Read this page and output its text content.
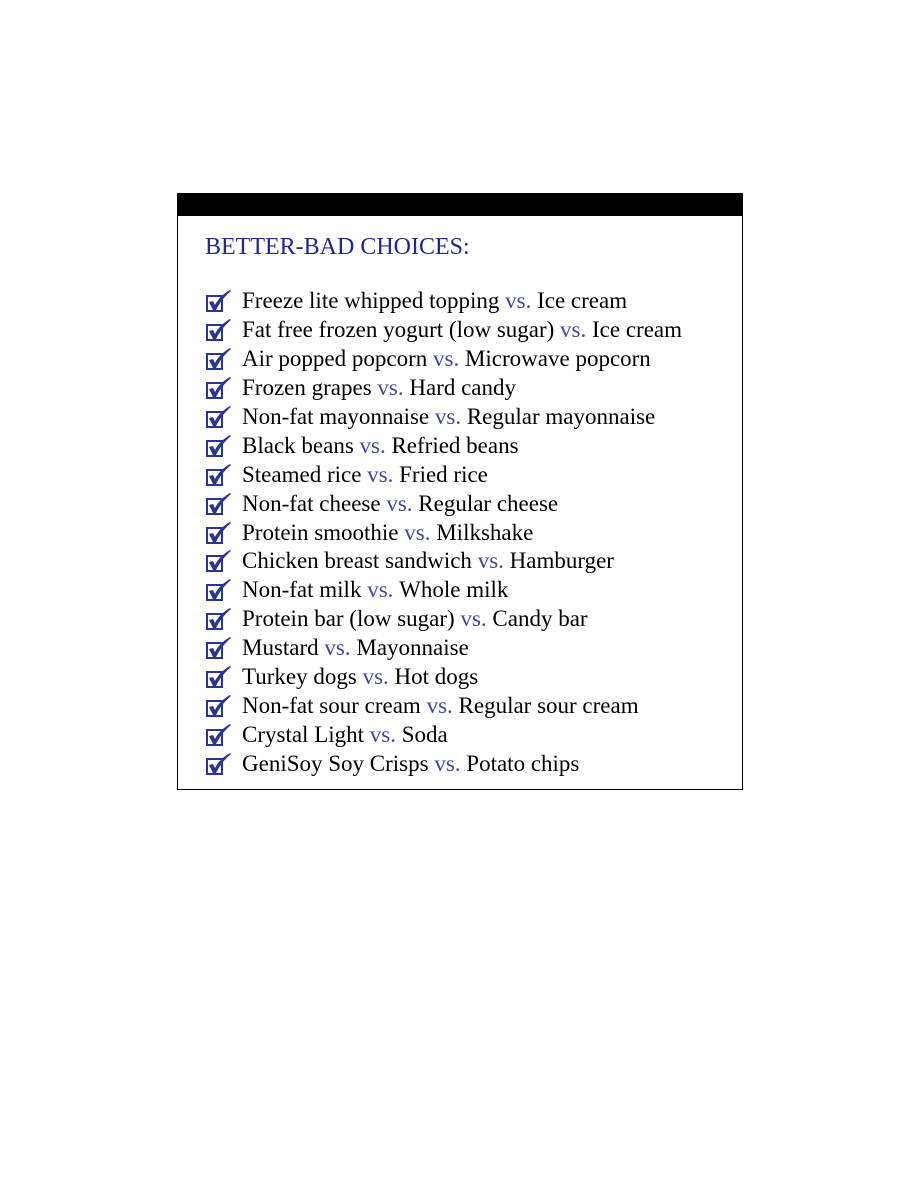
BETTER-BAD CHOICES:
Freeze lite whipped topping
vs.
Ice cream
Fat free frozen yogurt (low sugar)
vs.
Ice cream
Air popped popcorn
vs.
Microwave popcorn
Frozen grapes
vs.
Hard candy
Non-fat mayonnaise
vs.
Regular mayonnaise
Black beans
vs.
Refried beans
Steamed rice
vs.
Fried rice
Non-fat cheese
vs.
Regular cheese
Protein smoothie
vs.
Milkshake
Chicken breast sandwich
vs.
Hamburger
Non-fat milk
vs.
Whole milk
Protein bar (low sugar)
vs.
Candy bar
Mustard
vs.
Mayonnaise
Turkey dogs
vs.
Hot dogs
Non-fat sour cream
vs.
Regular sour cream
Crystal Light
vs.
Soda
GeniSoy Soy Crisps
vs.
Potato chips
